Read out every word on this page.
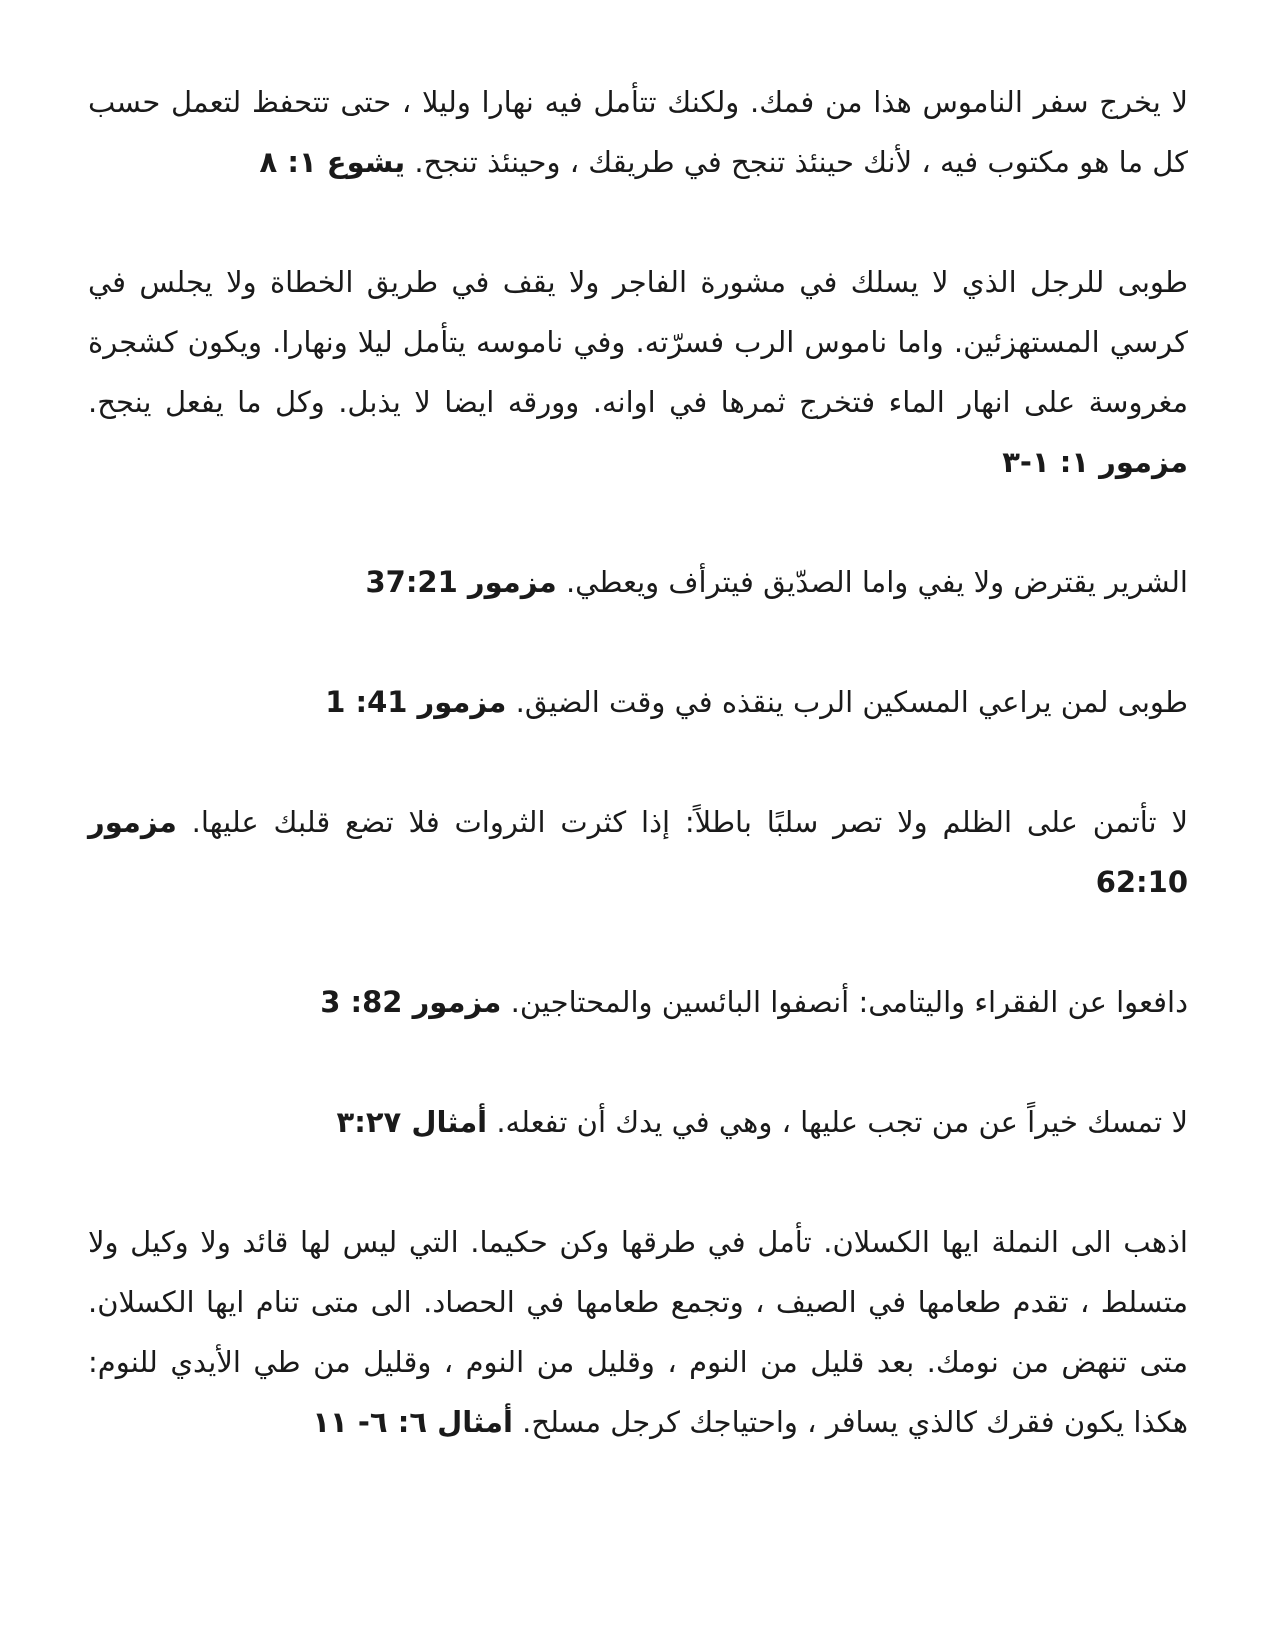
لا يخرج سفر الناموس هذا من فمك. ولكنك تتأمل فيه نهارا وليلا ، حتى تتحفظ لتعمل حسب كل ما هو مكتوب فيه ، لأنك حينئذ تنجح في طريقك ، وحينئذ تنجح. يشوع ١: ٨

طوبى للرجل الذي لا يسلك في مشورة الفاجر ولا يقف في طريق الخطاة ولا يجلس في كرسي المستهزئين. واما ناموس الرب فسرّته. وفي ناموسه يتأمل ليلا ونهارا. ويكون كشجرة مغروسة على انهار الماء فتخرج ثمرها في اوانه. وورقه ايضا لا يذبل. وكل ما يفعل ينجح. مزمور ١: ١-٣

الشرير يقترض ولا يفي واما الصدّيق فيترأف ويعطي. مزمور 37:21

طوبى لمن يراعي المسكين الرب ينقذه في وقت الضيق. مزمور 41: 1

لا تأتمن على الظلم ولا تصر سلبًا باطلاً: إذا كثرت الثروات فلا تضع قلبك عليها. مزمور 62:10

دافعوا عن الفقراء واليتامى: أنصفوا البائسين والمحتاجين. مزمور 82: 3

لا تمسك خيراً عن من تجب عليها ، وهي في يدك أن تفعله. أمثال ٣:٢٧

اذهب الى النملة ايها الكسلان. تأمل في طرقها وكن حكيما. التي ليس لها قائد ولا وكيل ولا متسلط ، تقدم طعامها في الصيف ، وتجمع طعامها في الحصاد. الى متى تنام ايها الكسلان. متى تنهض من نومك. بعد قليل من النوم ، وقليل من النوم ، وقليل من طي الأيدي للنوم: هكذا يكون فقرك كالذي يسافر ، واحتياجك كرجل مسلح. أمثال ٦: ٦- ١١
